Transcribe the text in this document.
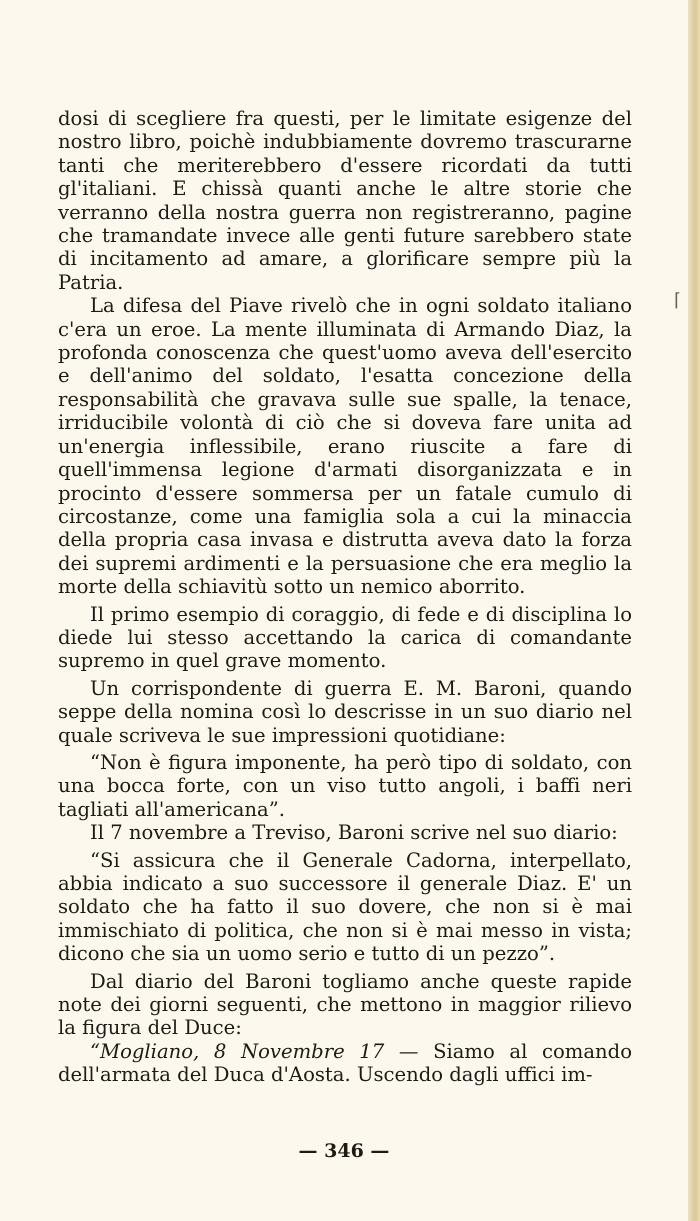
dosi di scegliere fra questi, per le limitate esigenze del nostro libro, poichè indubbiamente dovremo trascurarne tanti che meriterebbero d'essere ricordati da tutti gl'italiani. E chissà quanti anche le altre storie che verranno della nostra guerra non registreranno, pagine che tramandate invece alle genti future sarebbero state di incitamento ad amare, a glorificare sempre più la Patria.

La difesa del Piave rivelò che in ogni soldato italiano c'era un eroe. La mente illuminata di Armando Diaz, la profonda conoscenza che quest'uomo aveva dell'esercito e dell'animo del soldato, l'esatta concezione della responsabilità che gravava sulle sue spalle, la tenace, irriducibile volontà di ciò che si doveva fare unita ad un'energia inflessibile, erano riuscite a fare di quell'immensa legione d'armati disorganizzata e in procinto d'essere sommersa per un fatale cumulo di circostanze, come una famiglia sola a cui la minaccia della propria casa invasa e distrutta aveva dato la forza dei supremi ardimenti e la persuasione che era meglio la morte della schiavitù sotto un nemico aborrito.

Il primo esempio di coraggio, di fede e di disciplina lo diede lui stesso accettando la carica di comandante supremo in quel grave momento.

Un corrispondente di guerra E. M. Baroni, quando seppe della nomina così lo descrisse in un suo diario nel quale scriveva le sue impressioni quotidiane:

“Non è figura imponente, ha però tipo di soldato, con una bocca forte, con un viso tutto angoli, i baffi neri tagliati all'americana”.

Il 7 novembre a Treviso, Baroni scrive nel suo diario:

“Si assicura che il Generale Cadorna, interpellato, abbia indicato a suo successore il generale Diaz. E' un soldato che ha fatto il suo dovere, che non si è mai immischiato di politica, che non si è mai messo in vista; dicono che sia un uomo serio e tutto di un pezzo”.

Dal diario del Baroni togliamo anche queste rapide note dei giorni seguenti, che mettono in maggior rilievo la figura del Duce:

“Mogliano, 8 Novembre 17 — Siamo al comando dell'armata del Duca d'Aosta. Uscendo dagli uffici im-

— 346 —
⌈
